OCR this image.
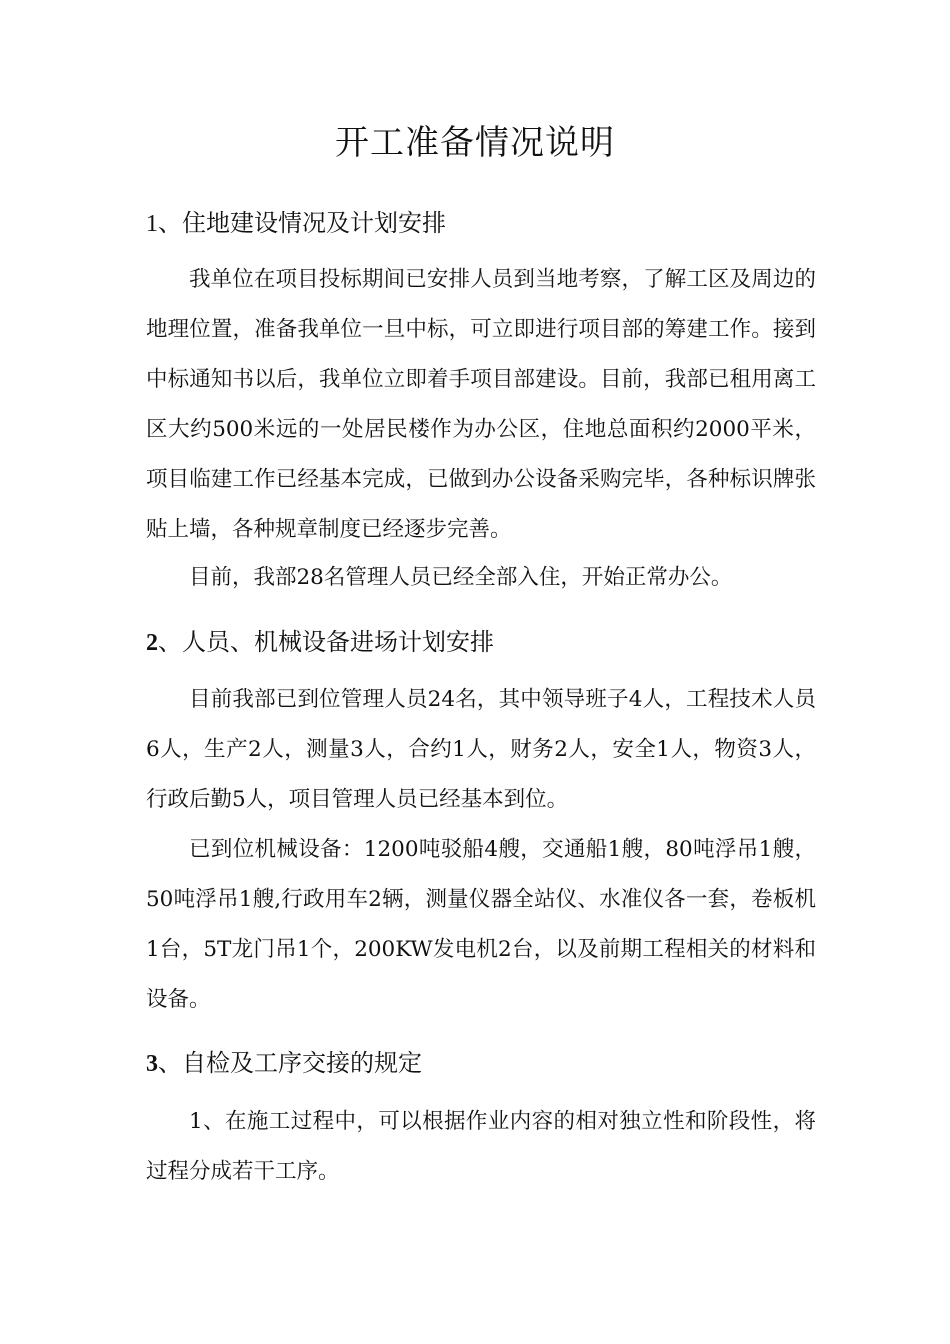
开工准备情况说明
1、住地建设情况及计划安排

我单位在项目投标期间已安排人员到当地考察，了解工区及周边的地理位置，准备我单位一旦中标，可立即进行项目部的筹建工作。接到中标通知书以后，我单位立即着手项目部建设。目前，我部已租用离工区大约500米远的一处居民楼作为办公区，住地总面积约2000平米，项目临建工作已经基本完成，已做到办公设备采购完毕，各种标识牌张贴上墙，各种规章制度已经逐步完善。

目前，我部28名管理人员已经全部入住，开始正常办公。

2、人员、机械设备进场计划安排

目前我部已到位管理人员24名，其中领导班子4人，工程技术人员6人，生产2人，测量3人，合约1人，财务2人，安全1人，物资3人，行政后勤5人，项目管理人员已经基本到位。

已到位机械设备：1200吨驳船4艘，交通船1艘，80吨浮吊1艘，50吨浮吊1艘,行政用车2辆，测量仪器全站仪、水准仪各一套，卷板机1台，5T龙门吊1个，200KW发电机2台，以及前期工程相关的材料和设备。

3、自检及工序交接的规定

1、在施工过程中，可以根据作业内容的相对独立性和阶段性，将过程分成若干工序。
